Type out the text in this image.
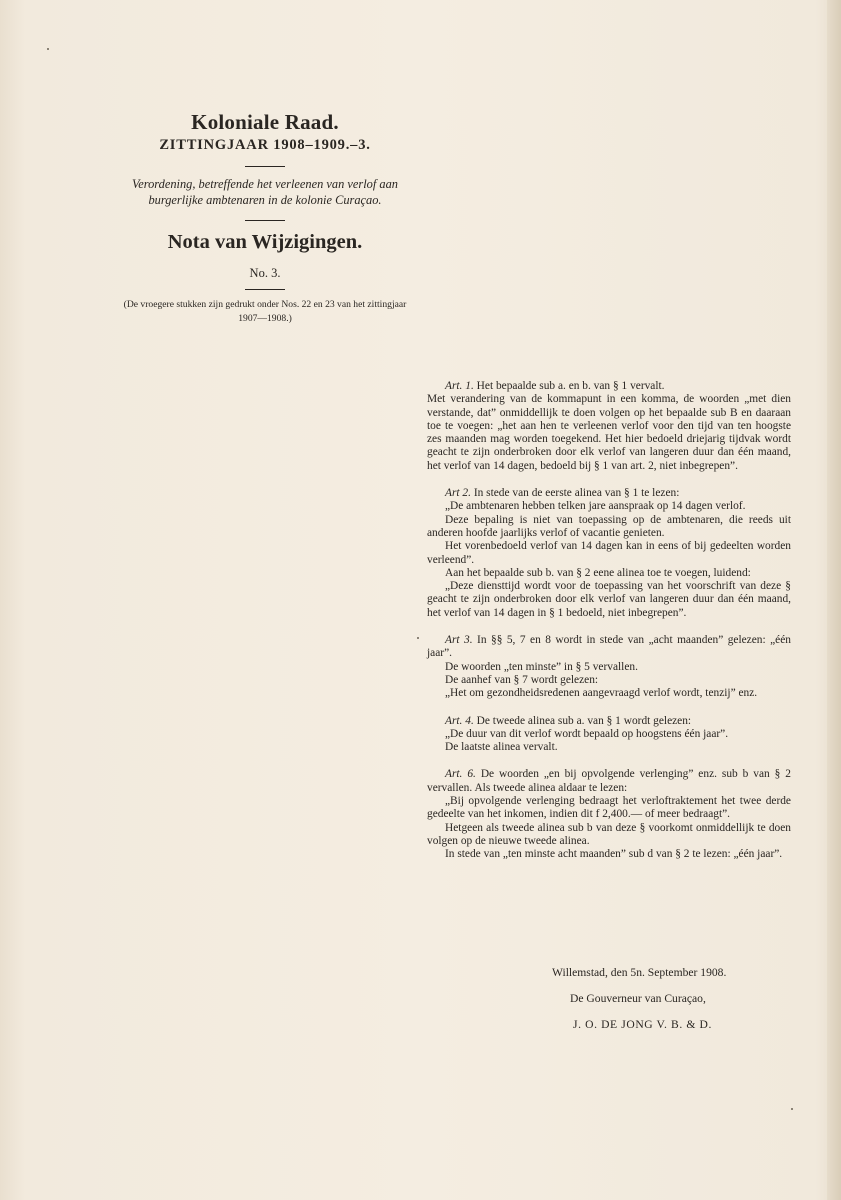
Koloniale Raad.
ZITTINGJAAR 1908–1909.–3.

Verordening, betreffende het verleenen van verlof aan burgerlijke ambtenaren in de kolonie Curaçao.

Nota van Wijzigingen.
No. 3.

(De vroegere stukken zijn gedrukt onder Nos. 22 en 23 van het zittingjaar 1907—1908.)

Art. 1. Het bepaalde sub a. en b. van § 1 vervalt.

Met verandering van de kommapunt in een komma, de woorden „met dien verstande, dat” onmiddellijk te doen volgen op het bepaalde sub B en daaraan toe te voegen: „het aan hen te verleenen verlof voor den tijd van ten hoogste zes maanden mag worden toegekend. Het hier bedoeld driejarig tijdvak wordt geacht te zijn onderbroken door elk verlof van langeren duur dan één maand, het verlof van 14 dagen, bedoeld bij § 1 van art. 2, niet inbegrepen”.

Art 2. In stede van de eerste alinea van § 1 te lezen:

„De ambtenaren hebben telken jare aanspraak op 14 dagen verlof.

Deze bepaling is niet van toepassing op de ambtenaren, die reeds uit anderen hoofde jaarlijks verlof of vacantie genieten.

Het vorenbedoeld verlof van 14 dagen kan in eens of bij gedeelten worden verleend”.

Aan het bepaalde sub b. van § 2 eene alinea toe te voegen, luidend:

„Deze diensttijd wordt voor de toepassing van het voorschrift van deze § geacht te zijn onderbroken door elk verlof van langeren duur dan één maand, het verlof van 14 dagen in § 1 bedoeld, niet inbegrepen”.

Art 3. In §§ 5, 7 en 8 wordt in stede van „acht maanden” gelezen: „één jaar”.

De woorden „ten minste” in § 5 vervallen.

De aanhef van § 7 wordt gelezen:

„Het om gezondheidsredenen aangevraagd verlof wordt, tenzij” enz.

Art. 4. De tweede alinea sub a. van § 1 wordt gelezen:

„De duur van dit verlof wordt bepaald op hoogstens één jaar”.

De laatste alinea vervalt.

Art. 6. De woorden „en bij opvolgende verlenging” enz. sub b van § 2 vervallen. Als tweede alinea aldaar te lezen:

„Bij opvolgende verlenging bedraagt het verloftraktement het twee derde gedeelte van het inkomen, indien dit f 2,400.— of meer bedraagt”.

Hetgeen als tweede alinea sub b van deze § voorkomt onmiddellijk te doen volgen op de nieuwe tweede alinea.

In stede van „ten minste acht maanden” sub d van § 2 te lezen: „één jaar”.

Willemstad, den 5n. September 1908.
De Gouverneur van Curaçao,
J. O. DE JONG V. B. & D.
